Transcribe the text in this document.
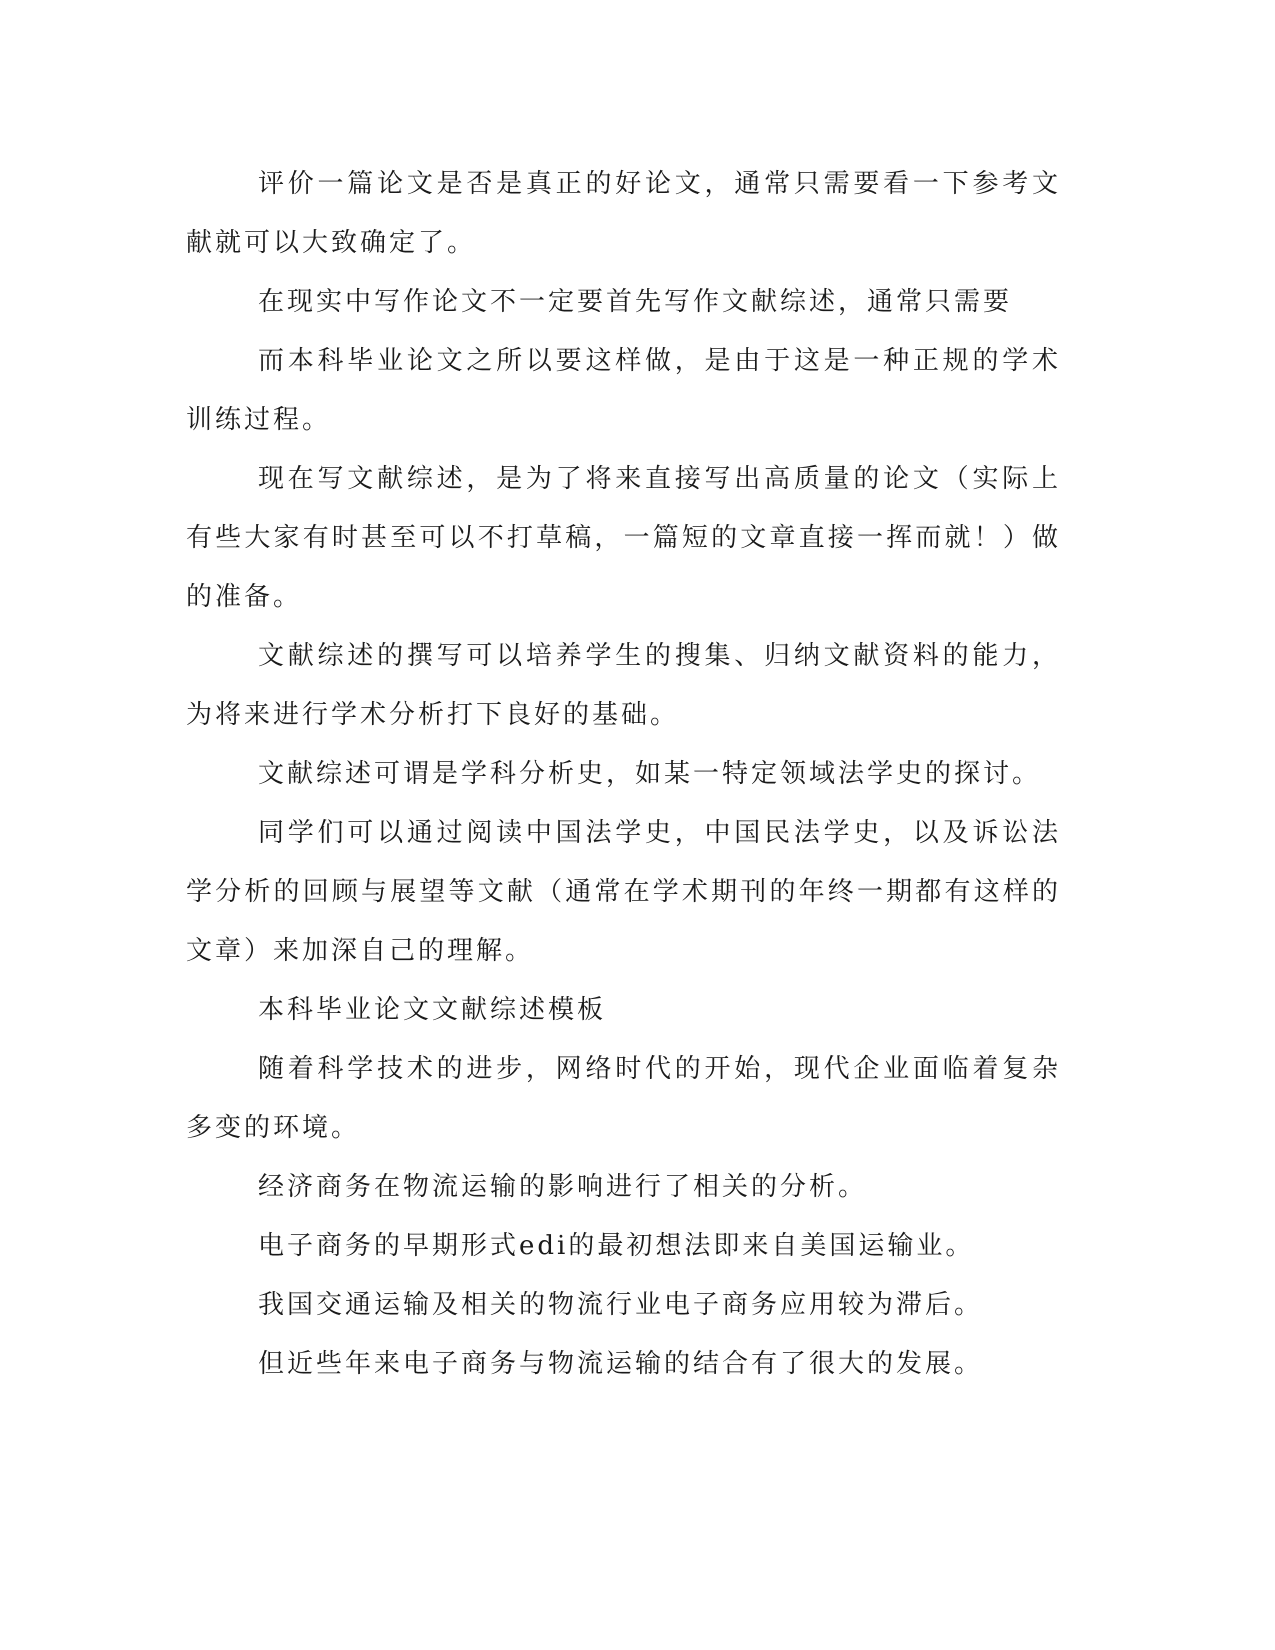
评价一篇论文是否是真正的好论文，通常只需要看一下参考文献就可以大致确定了。

在现实中写作论文不一定要首先写作文献综述，通常只需要

而本科毕业论文之所以要这样做，是由于这是一种正规的学术训练过程。

现在写文献综述，是为了将来直接写出高质量的论文（实际上有些大家有时甚至可以不打草稿，一篇短的文章直接一挥而就！）做的准备。

文献综述的撰写可以培养学生的搜集、归纳文献资料的能力，为将来进行学术分析打下良好的基础。

文献综述可谓是学科分析史，如某一特定领域法学史的探讨。

同学们可以通过阅读中国法学史，中国民法学史，以及诉讼法学分析的回顾与展望等文献（通常在学术期刊的年终一期都有这样的文章）来加深自己的理解。

本科毕业论文文献综述模板

随着科学技术的进步，网络时代的开始，现代企业面临着复杂多变的环境。

经济商务在物流运输的影响进行了相关的分析。

电子商务的早期形式edi的最初想法即来自美国运输业。

我国交通运输及相关的物流行业电子商务应用较为滞后。

但近些年来电子商务与物流运输的结合有了很大的发展。
